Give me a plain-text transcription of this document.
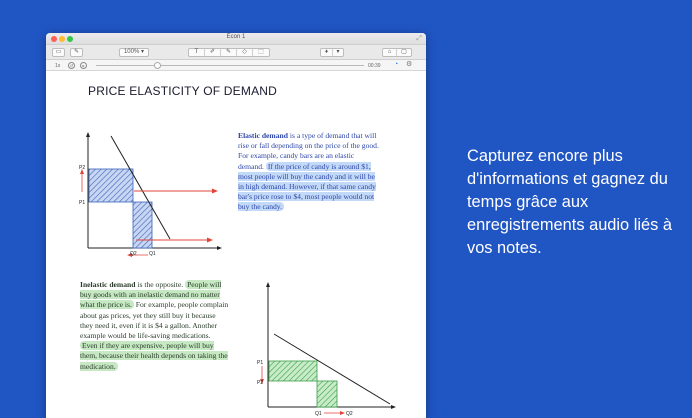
Econ 1	⤢
▭	✎	100% ▾	T	✐	✎	◇	⬚	♦	▾	⌂	▢
1x	↺	▸	00:39 ◔	⚙
PRICE ELASTICITY OF DEMAND
P2
P1
Q2 Q1
Elastic demand is a type of demand that will rise or fall depending on the price of the good. For example, candy bars are an elastic demand. If the price of candy is around $1, most people will buy the candy and it will be in high demand. However, if that same candy bar's price rose to $4, most people would not buy the candy.
Inelastic demand is the opposite. People will buy goods with an inelastic demand no matter what the price is. For example, people complain about gas prices, yet they still buy it because they need it, even if it is $4 a gallon. Another example would be life-saving medications. Even if they are expensive, people will buy them, because their health depends on taking the medication.	P1
P2
Q1	Q2
Capturez encore plus d'informations et gagnez du temps grâce aux enregistrements audio liés à vos notes.
